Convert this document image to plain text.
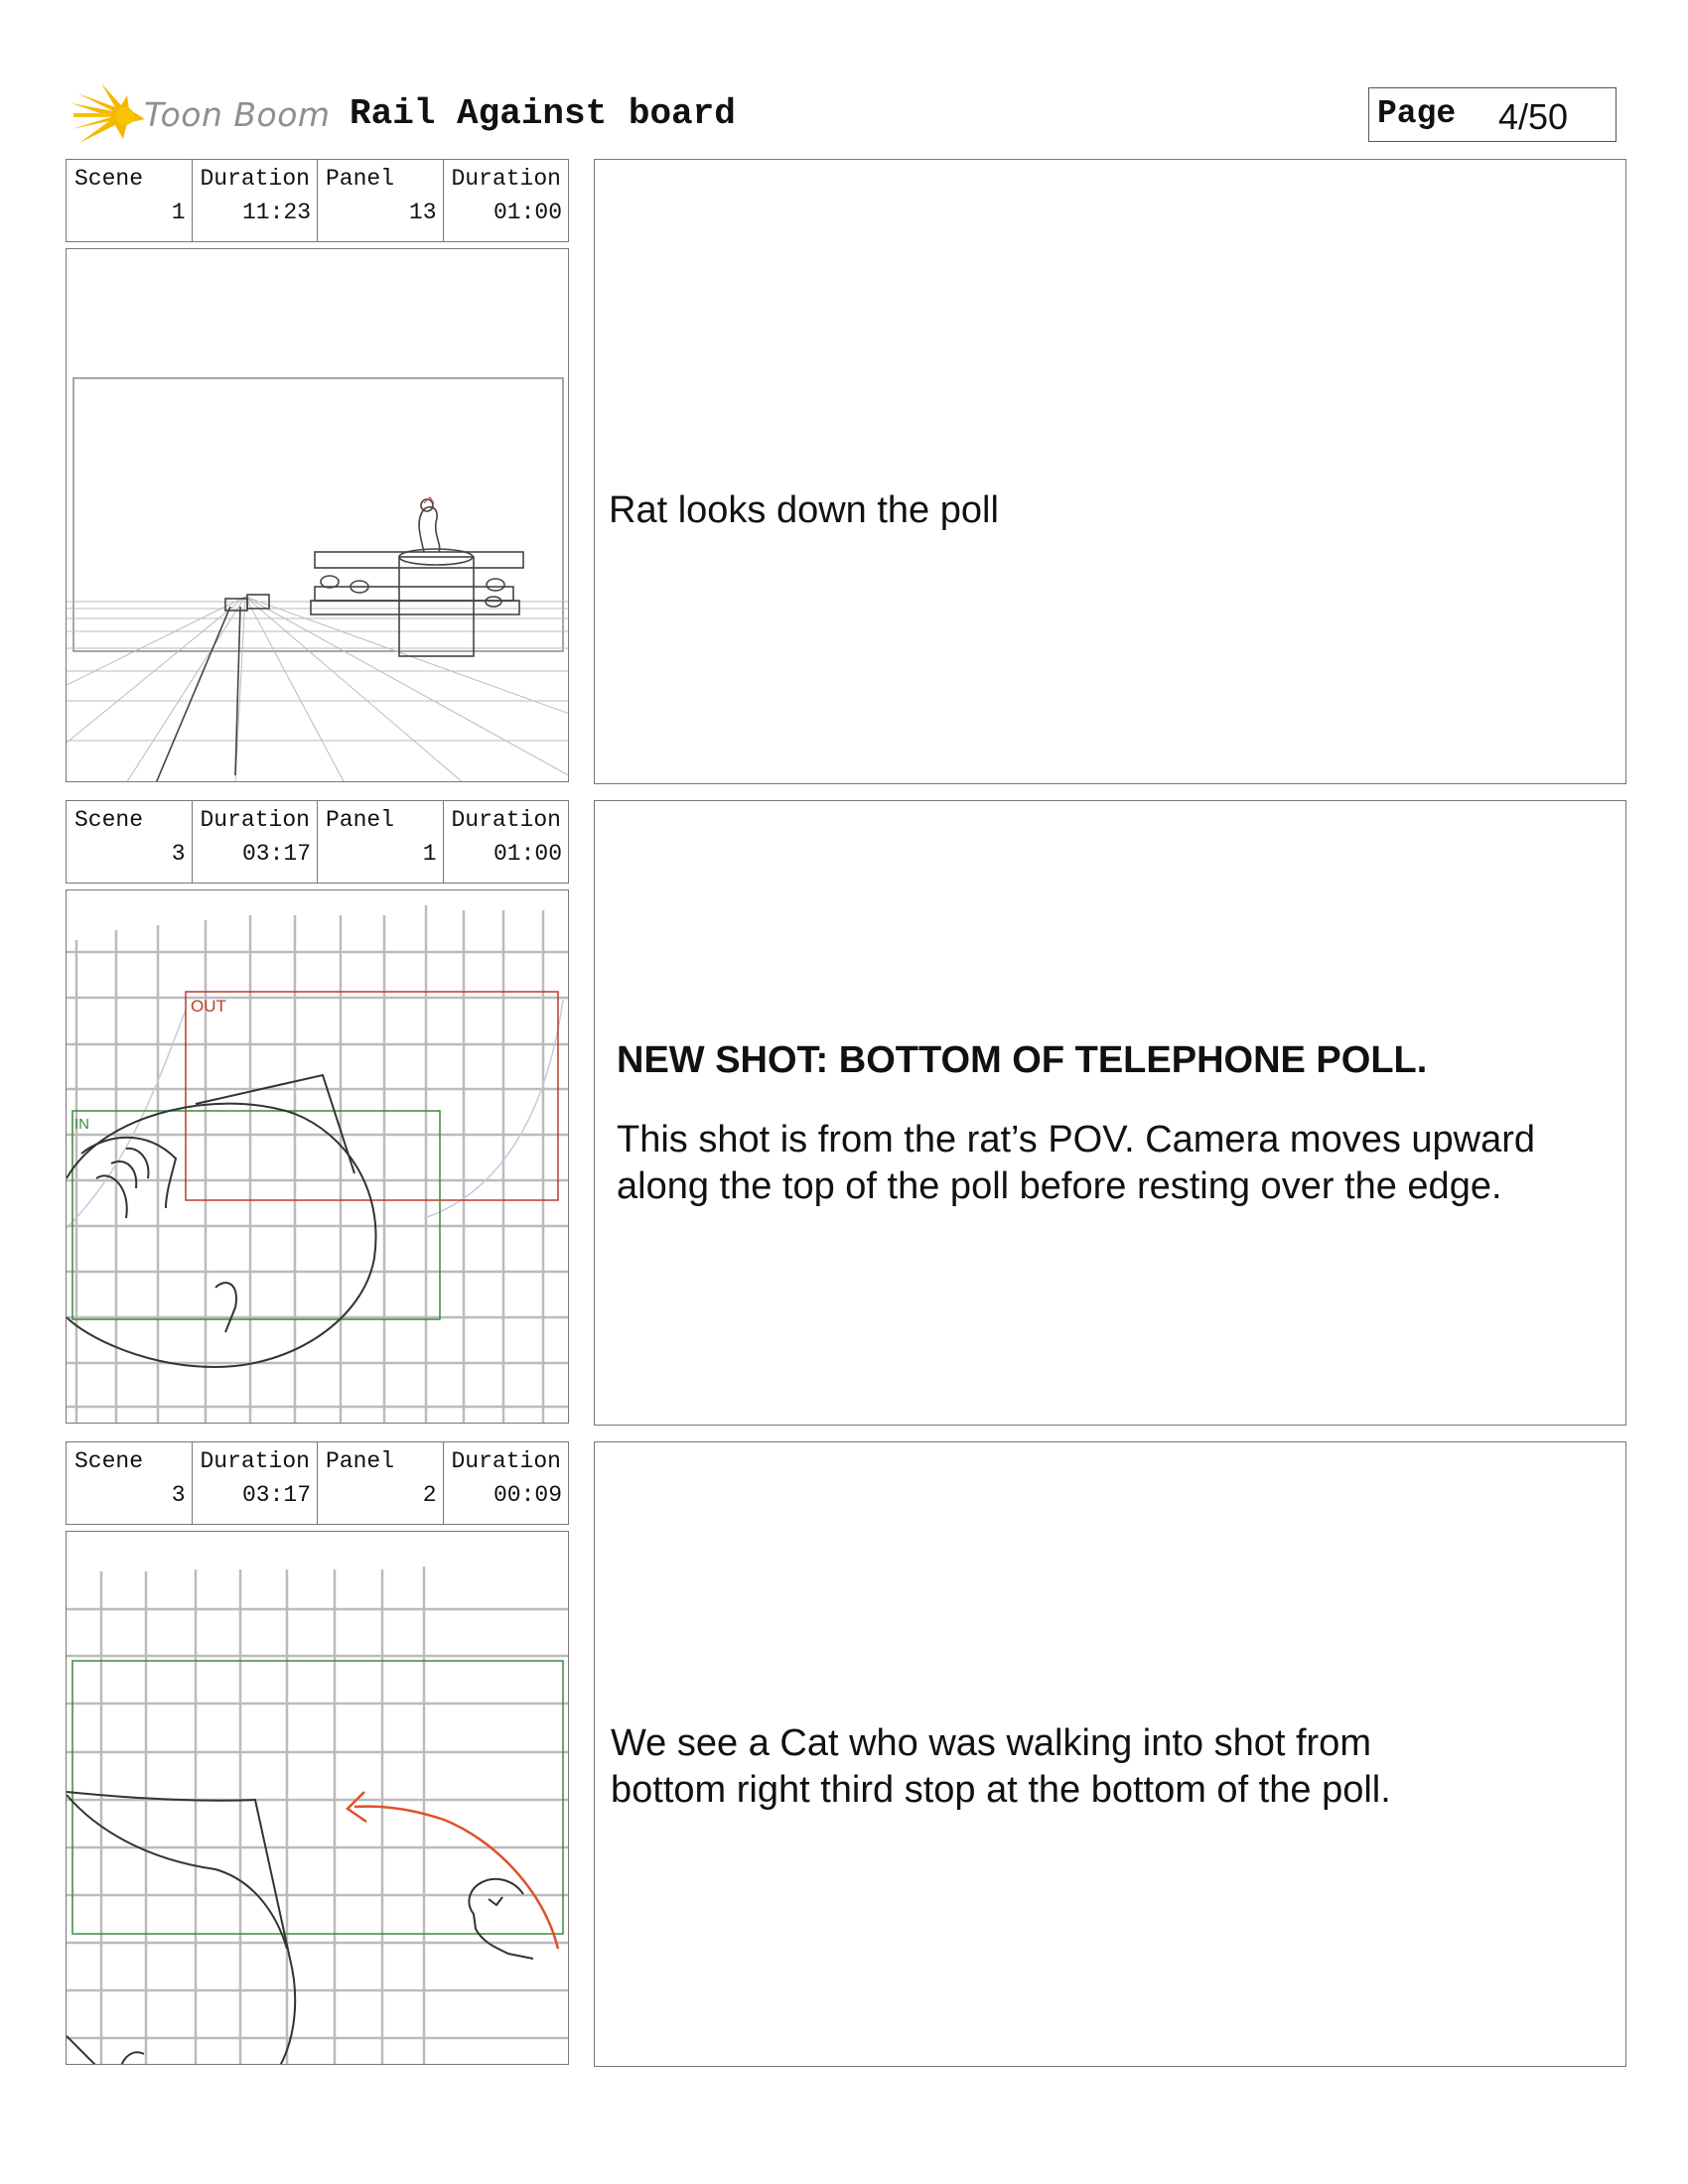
Toon Boom Rail Against board	Page 4/50
Scene
1
Duration
11:23
Panel
13
Duration
01:00
Rat looks down the poll
Scene
3
Duration
03:17
Panel
1
Duration
01:00
OUT
IN
NEW SHOT: BOTTOM OF TELEPHONE POLL.
This shot is from the rat’s POV. Camera moves upward
along the top of the poll before resting over the edge.
Scene
3
Duration
03:17
Panel
2
Duration
00:09
We see a Cat who was walking into shot from
bottom right third stop at the bottom of the poll.
